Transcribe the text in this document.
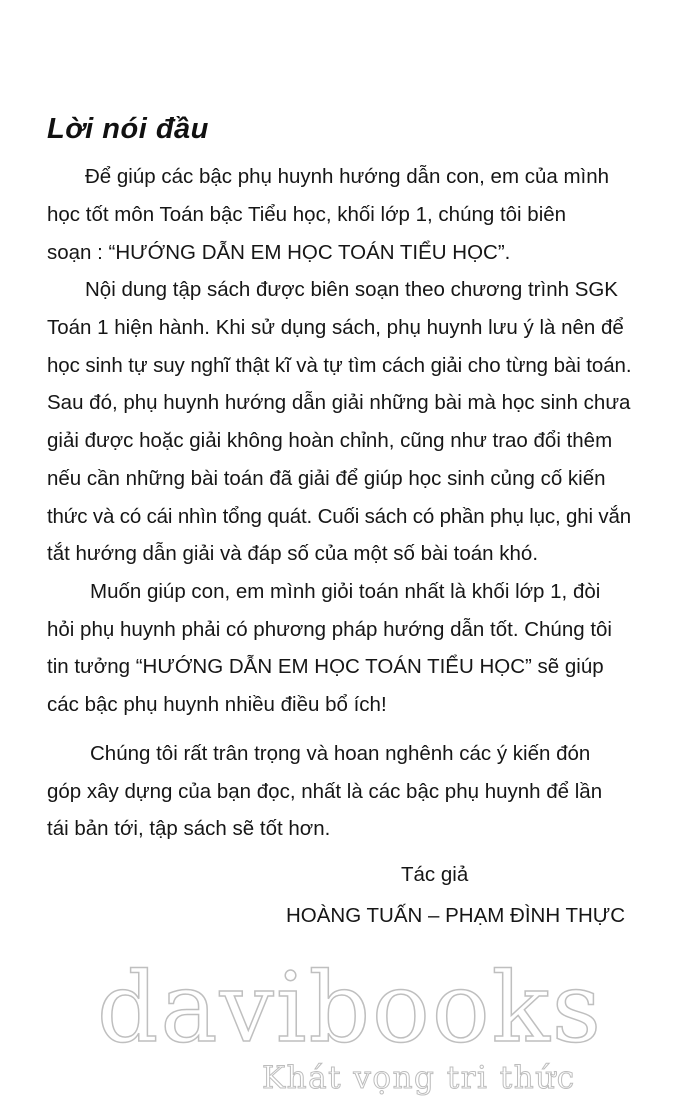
Lời nói đầu
Để giúp các bậc phụ huynh hướng dẫn con, em của mình
học tốt môn Toán bậc Tiểu học, khối lớp 1, chúng tôi biên
soạn : “HƯỚNG DẪN EM HỌC TOÁN TIỂU HỌC”.
Nội dung tập sách được biên soạn theo chương trình SGK
Toán 1 hiện hành. Khi sử dụng sách, phụ huynh lưu ý là nên để
học sinh tự suy nghĩ thật kĩ và tự tìm cách giải cho từng bài toán.
Sau đó, phụ huynh hướng dẫn giải những bài mà học sinh chưa
giải được hoặc giải không hoàn chỉnh, cũng như trao đổi thêm
nếu cần những bài toán đã giải để giúp học sinh củng cố kiến
thức và có cái nhìn tổng quát. Cuối sách có phần phụ lục, ghi vắn
tắt hướng dẫn giải và đáp số của một số bài toán khó.
Muốn giúp con, em mình giỏi toán nhất là khối lớp 1, đòi
hỏi phụ huynh phải có phương pháp hướng dẫn tốt. Chúng tôi
tin tưởng “HƯỚNG DẪN EM HỌC TOÁN TIỂU HỌC” sẽ giúp
các bậc phụ huynh nhiều điều bổ ích!
Chúng tôi rất trân trọng và hoan nghênh các ý kiến đón
góp xây dựng của bạn đọc, nhất là các bậc phụ huynh để lần
tái bản tới, tập sách sẽ tốt hơn.
Tác giả
HOÀNG TUẤN – PHẠM ĐÌNH THỰC
davibooks
Khát vọng tri thức
